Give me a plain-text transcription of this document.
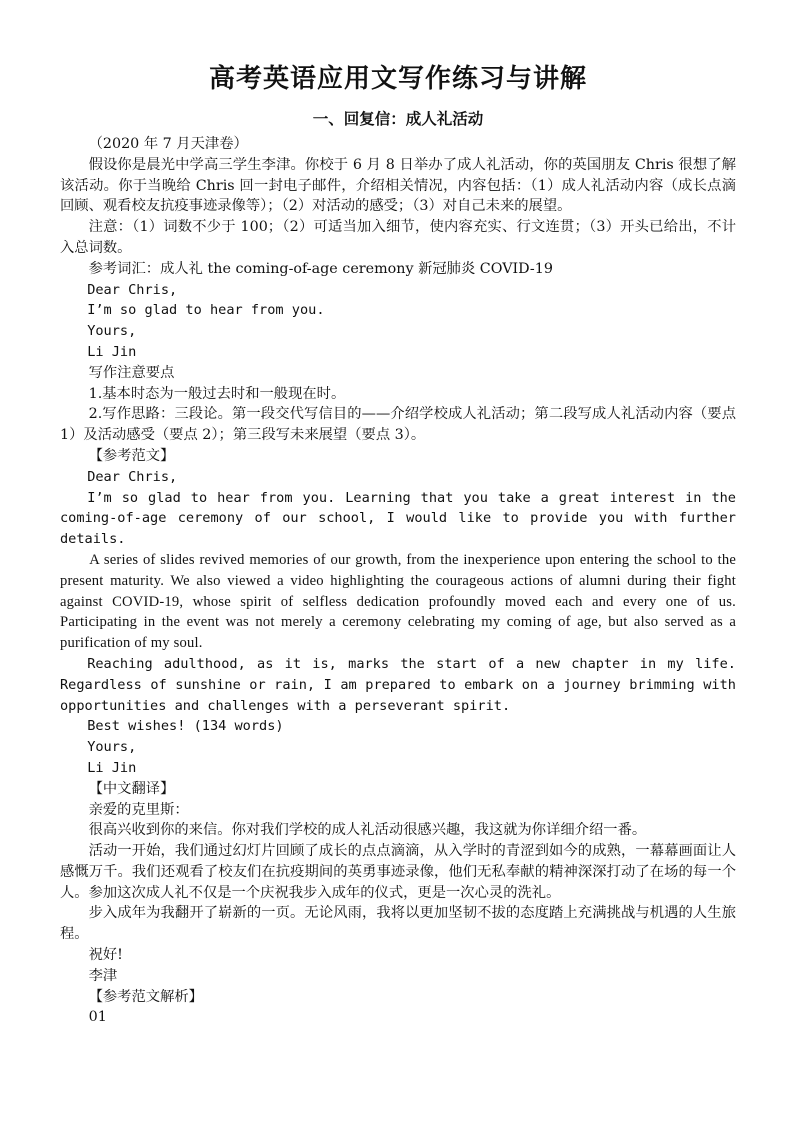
高考英语应用文写作练习与讲解
一、回复信：成人礼活动

（2020 年 7 月天津卷）

假设你是晨光中学高三学生李津。你校于 6 月 8 日举办了成人礼活动，你的英国朋友 Chris 很想了解该活动。你于当晚给 Chris 回一封电子邮件，介绍相关情况，内容包括：（1）成人礼活动内容（成长点滴回顾、观看校友抗疫事迹录像等）；（2）对活动的感受；（3）对自己未来的展望。

注意：（1）词数不少于 100；（2）可适当加入细节，使内容充实、行文连贯；（3）开头已给出，不计入总词数。

参考词汇：成人礼 the coming-of-age ceremony 新冠肺炎 COVID-19

Dear Chris,

I’m so glad to hear from you.

Yours,

Li Jin

写作注意要点

1.基本时态为一般过去时和一般现在时。

2.写作思路：三段论。第一段交代写信目的——介绍学校成人礼活动；第二段写成人礼活动内容（要点 1）及活动感受（要点 2）；第三段写未来展望（要点 3）。

【参考范文】

Dear Chris,

I’m so glad to hear from you. Learning that you take a great interest in the coming-of-age ceremony of our school, I would like to provide you with further details.

A series of slides revived memories of our growth, from the inexperience upon entering the school to the present maturity. We also viewed a video highlighting the courageous actions of alumni during their fight against COVID-19, whose spirit of selfless dedication profoundly moved each and every one of us. Participating in the event was not merely a ceremony celebrating my coming of age, but also served as a purification of my soul.

Reaching adulthood, as it is, marks the start of a new chapter in my life. Regardless of sunshine or rain, I am prepared to embark on a journey brimming with opportunities and challenges with a perseverant spirit.

Best wishes! (134 words)

Yours,

Li Jin

【中文翻译】

亲爱的克里斯：

很高兴收到你的来信。你对我们学校的成人礼活动很感兴趣，我这就为你详细介绍一番。

活动一开始，我们通过幻灯片回顾了成长的点点滴滴，从入学时的青涩到如今的成熟，一幕幕画面让人感慨万千。我们还观看了校友们在抗疫期间的英勇事迹录像，他们无私奉献的精神深深打动了在场的每一个人。参加这次成人礼不仅是一个庆祝我步入成年的仪式，更是一次心灵的洗礼。

步入成年为我翻开了崭新的一页。无论风雨，我将以更加坚韧不拔的态度踏上充满挑战与机遇的人生旅程。

祝好!

李津

【参考范文解析】

01
